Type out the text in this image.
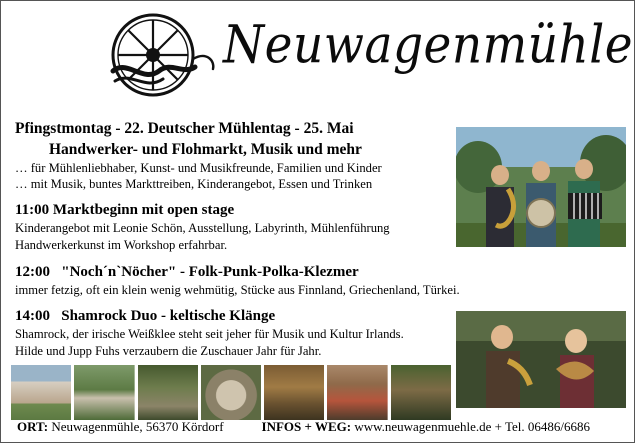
Neuwagenmühle
Pfingstmontag - 22. Deutscher Mühlentag - 25. Mai
Handwerker- und Flohmarkt, Musik und mehr
… für Mühlenliebhaber, Kunst- und Musikfreunde, Familien und Kinder
… mit Musik, buntes Markttreiben, Kinderangebot, Essen und Trinken
11:00 Marktbeginn mit open stage
Kinderangebot mit Leonie Schön, Ausstellung, Labyrinth, Mühlenführung
Handwerkerkunst im Workshop erfahrbar.
12:00 "Noch´n`Nöcher" - Folk-Punk-Polka-Klezmer
immer fetzig, oft ein klein wenig wehmütig, Stücke aus Finnland, Griechenland, Türkei.
14:00 Shamrock Duo - keltische Klänge
Shamrock, der irische Weißklee steht seit jeher für Musik und Kultur Irlands.
Hilde und Jupp Fuhs verzaubern die Zuschauer Jahr für Jahr.
ORT: Neuwagenmühle, 56370 Kördorf	INFOS + WEG: www.neuwagenmuehle.de + Tel. 06486/6686
